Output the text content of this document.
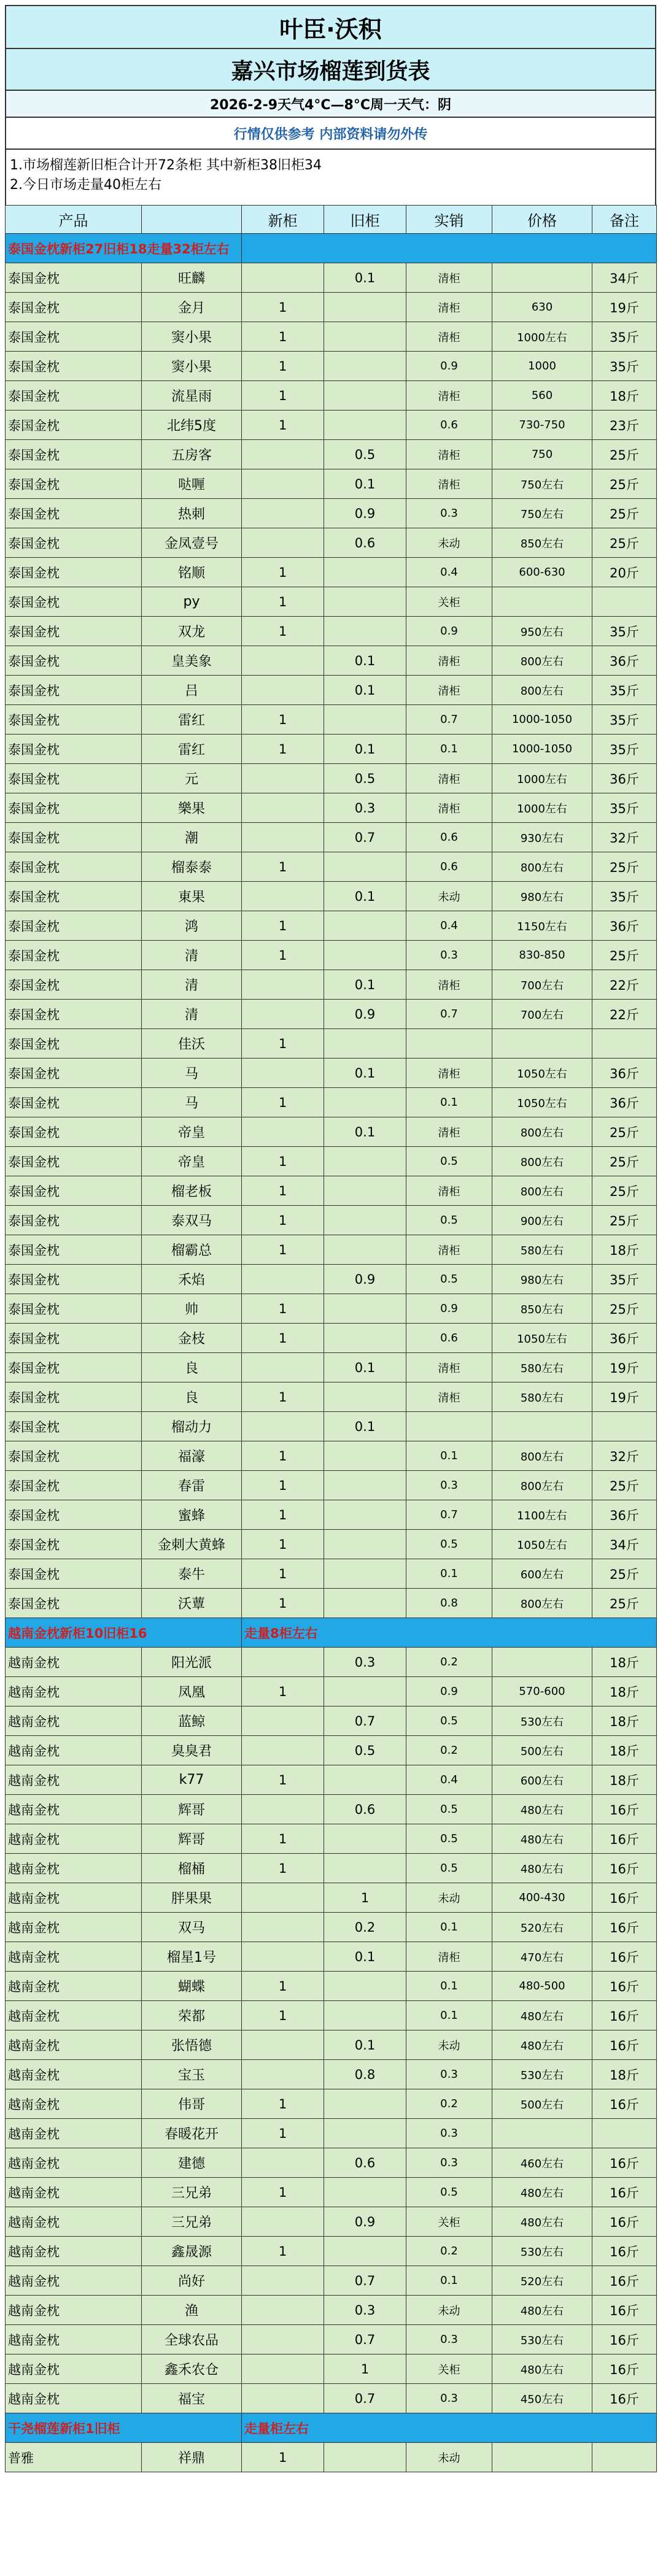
叶臣·沃积
嘉兴市场榴莲到货表
2026-2-9天气4°C—8°C周一天气：阴
行情仅供参考 内部资料请勿外传
1.市场榴莲新旧柜合计开72条柜 其中新柜38旧柜34
2.今日市场走量40柜左右
产品		新柜	旧柜	实销	价格	备注
泰国金枕新柜27旧柜18走量32柜左右						
泰国金枕	旺麟		0.1	清柜		34斤
泰国金枕	金月	1		清柜	630	19斤
泰国金枕	窦小果	1		清柜	1000左右	35斤
泰国金枕	窦小果	1		0.9	1000	35斤
泰国金枕	流星雨	1		清柜	560	18斤
泰国金枕	北纬5度	1		0.6	730-750	23斤
泰国金枕	五房客		0.5	清柜	750	25斤
泰国金枕	哒喱		0.1	清柜	750左右	25斤
泰国金枕	热刺		0.9	0.3	750左右	25斤
泰国金枕	金凤壹号		0.6	未动	850左右	25斤
泰国金枕	铭顺	1		0.4	600-630	20斤
泰国金枕	py	1		关柜		
泰国金枕	双龙	1		0.9	950左右	35斤
泰国金枕	皇美象		0.1	清柜	800左右	36斤
泰国金枕	吕		0.1	清柜	800左右	35斤
泰国金枕	雷红	1		0.7	1000-1050	35斤
泰国金枕	雷红	1	0.1	0.1	1000-1050	35斤
泰国金枕	元		0.5	清柜	1000左右	36斤
泰国金枕	樂果		0.3	清柜	1000左右	35斤
泰国金枕	潮		0.7	0.6	930左右	32斤
泰国金枕	榴泰泰	1		0.6	800左右	25斤
泰国金枕	東果		0.1	未动	980左右	35斤
泰国金枕	鸿	1		0.4	1150左右	36斤
泰国金枕	清	1		0.3	830-850	25斤
泰国金枕	清		0.1	清柜	700左右	22斤
泰国金枕	清		0.9	0.7	700左右	22斤
泰国金枕	佳沃	1				
泰国金枕	马		0.1	清柜	1050左右	36斤
泰国金枕	马	1		0.1	1050左右	36斤
泰国金枕	帝皇		0.1	清柜	800左右	25斤
泰国金枕	帝皇	1		0.5	800左右	25斤
泰国金枕	榴老板	1		清柜	800左右	25斤
泰国金枕	泰双马	1		0.5	900左右	25斤
泰国金枕	榴霸总	1		清柜	580左右	18斤
泰国金枕	禾焰		0.9	0.5	980左右	35斤
泰国金枕	帅	1		0.9	850左右	25斤
泰国金枕	金枝	1		0.6	1050左右	36斤
泰国金枕	良		0.1	清柜	580左右	19斤
泰国金枕	良	1		清柜	580左右	19斤
泰国金枕	榴动力		0.1			
泰国金枕	福濠	1		0.1	800左右	32斤
泰国金枕	春雷	1		0.3	800左右	25斤
泰国金枕	蜜蜂	1		0.7	1100左右	36斤
泰国金枕	金刺大黄蜂	1		0.5	1050左右	34斤
泰国金枕	泰牛	1		0.1	600左右	25斤
泰国金枕	沃蕈	1		0.8	800左右	25斤
越南金枕新柜10旧柜16		走量8柜左右				
越南金枕	阳光派		0.3	0.2		18斤
越南金枕	凤凰	1		0.9	570-600	18斤
越南金枕	蓝鲸		0.7	0.5	530左右	18斤
越南金枕	臭臭君		0.5	0.2	500左右	18斤
越南金枕	k77	1		0.4	600左右	18斤
越南金枕	辉哥		0.6	0.5	480左右	16斤
越南金枕	辉哥	1		0.5	480左右	16斤
越南金枕	榴桶	1		0.5	480左右	16斤
越南金枕	胖果果		1	未动	400-430	16斤
越南金枕	双马		0.2	0.1	520左右	16斤
越南金枕	榴星1号		0.1	清柜	470左右	16斤
越南金枕	蝴蝶	1		0.1	480-500	16斤
越南金枕	荣都	1		0.1	480左右	16斤
越南金枕	张悟德		0.1	未动	480左右	16斤
越南金枕	宝玉		0.8	0.3	530左右	18斤
越南金枕	伟哥	1		0.2	500左右	16斤
越南金枕	春暖花开	1		0.3		
越南金枕	建德		0.6	0.3	460左右	16斤
越南金枕	三兄弟	1		0.5	480左右	16斤
越南金枕	三兄弟		0.9	关柜	480左右	16斤
越南金枕	鑫晟源	1		0.2	530左右	16斤
越南金枕	尚好		0.7	0.1	520左右	16斤
越南金枕	渔		0.3	未动	480左右	16斤
越南金枕	全球农品		0.7	0.3	530左右	16斤
越南金枕	鑫禾农仓		1	关柜	480左右	16斤
越南金枕	福宝		0.7	0.3	450左右	16斤
干尧榴莲新柜1旧柜		走量柜左右				
普雅	祥鼎	1		未动		
